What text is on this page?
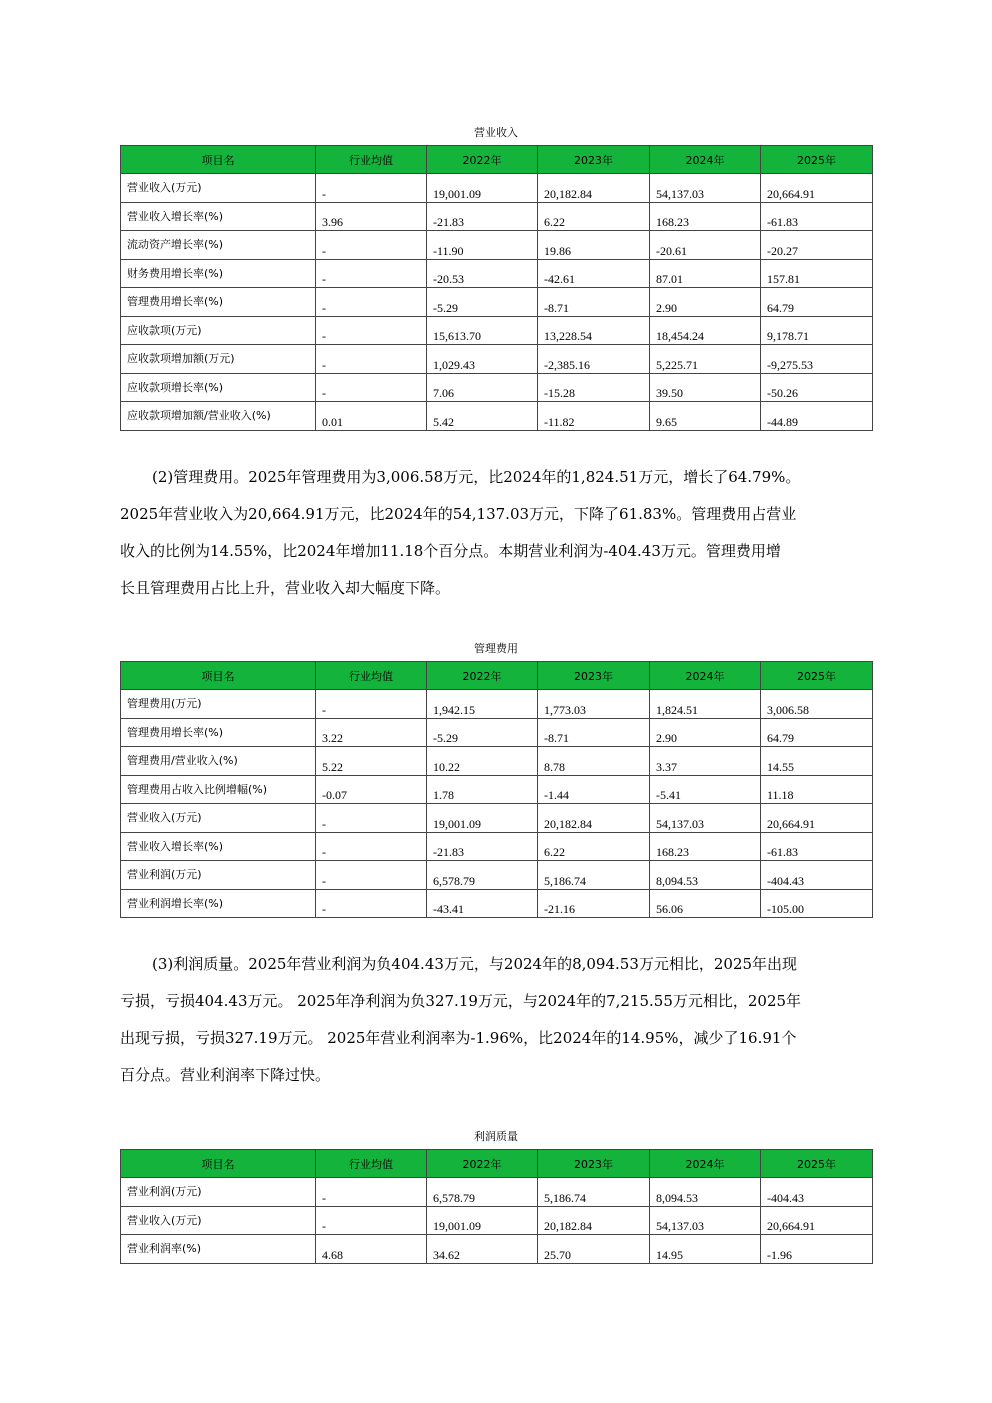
营业收入
项目名	行业均值	2022年	2023年	2024年	2025年
营业收入(万元)	-	19,001.09	20,182.84	54,137.03	20,664.91
营业收入增长率(%)	3.96	-21.83	6.22	168.23	-61.83
流动资产增长率(%)	-	-11.90	19.86	-20.61	-20.27
财务费用增长率(%)	-	-20.53	-42.61	87.01	157.81
管理费用增长率(%)	-	-5.29	-8.71	2.90	64.79
应收款项(万元)	-	15,613.70	13,228.54	18,454.24	9,178.71
应收款项增加额(万元)	-	1,029.43	-2,385.16	5,225.71	-9,275.53
应收款项增长率(%)	-	7.06	-15.28	39.50	-50.26
应收款项增加额/营业收入(%)	0.01	5.42	-11.82	9.65	-44.89
(2)管理费用。2025年管理费用为3,006.58万元，比2024年的1,824.51万元，增长了64.79%。
2025年营业收入为20,664.91万元，比2024年的54,137.03万元，下降了61.83%。管理费用占营业
收入的比例为14.55%，比2024年增加11.18个百分点。本期营业利润为-404.43万元。管理费用增
长且管理费用占比上升，营业收入却大幅度下降。
管理费用
项目名	行业均值	2022年	2023年	2024年	2025年
管理费用(万元)	-	1,942.15	1,773.03	1,824.51	3,006.58
管理费用增长率(%)	3.22	-5.29	-8.71	2.90	64.79
管理费用/营业收入(%)	5.22	10.22	8.78	3.37	14.55
管理费用占收入比例增幅(%)	-0.07	1.78	-1.44	-5.41	11.18
营业收入(万元)	-	19,001.09	20,182.84	54,137.03	20,664.91
营业收入增长率(%)	-	-21.83	6.22	168.23	-61.83
营业利润(万元)	-	6,578.79	5,186.74	8,094.53	-404.43
营业利润增长率(%)	-	-43.41	-21.16	56.06	-105.00
(3)利润质量。2025年营业利润为负404.43万元，与2024年的8,094.53万元相比，2025年出现
亏损，亏损404.43万元。 2025年净利润为负327.19万元，与2024年的7,215.55万元相比，2025年
出现亏损，亏损327.19万元。 2025年营业利润率为-1.96%，比2024年的14.95%，减少了16.91个
百分点。营业利润率下降过快。
利润质量
项目名	行业均值	2022年	2023年	2024年	2025年
营业利润(万元)	-	6,578.79	5,186.74	8,094.53	-404.43
营业收入(万元)	-	19,001.09	20,182.84	54,137.03	20,664.91
营业利润率(%)	4.68	34.62	25.70	14.95	-1.96
